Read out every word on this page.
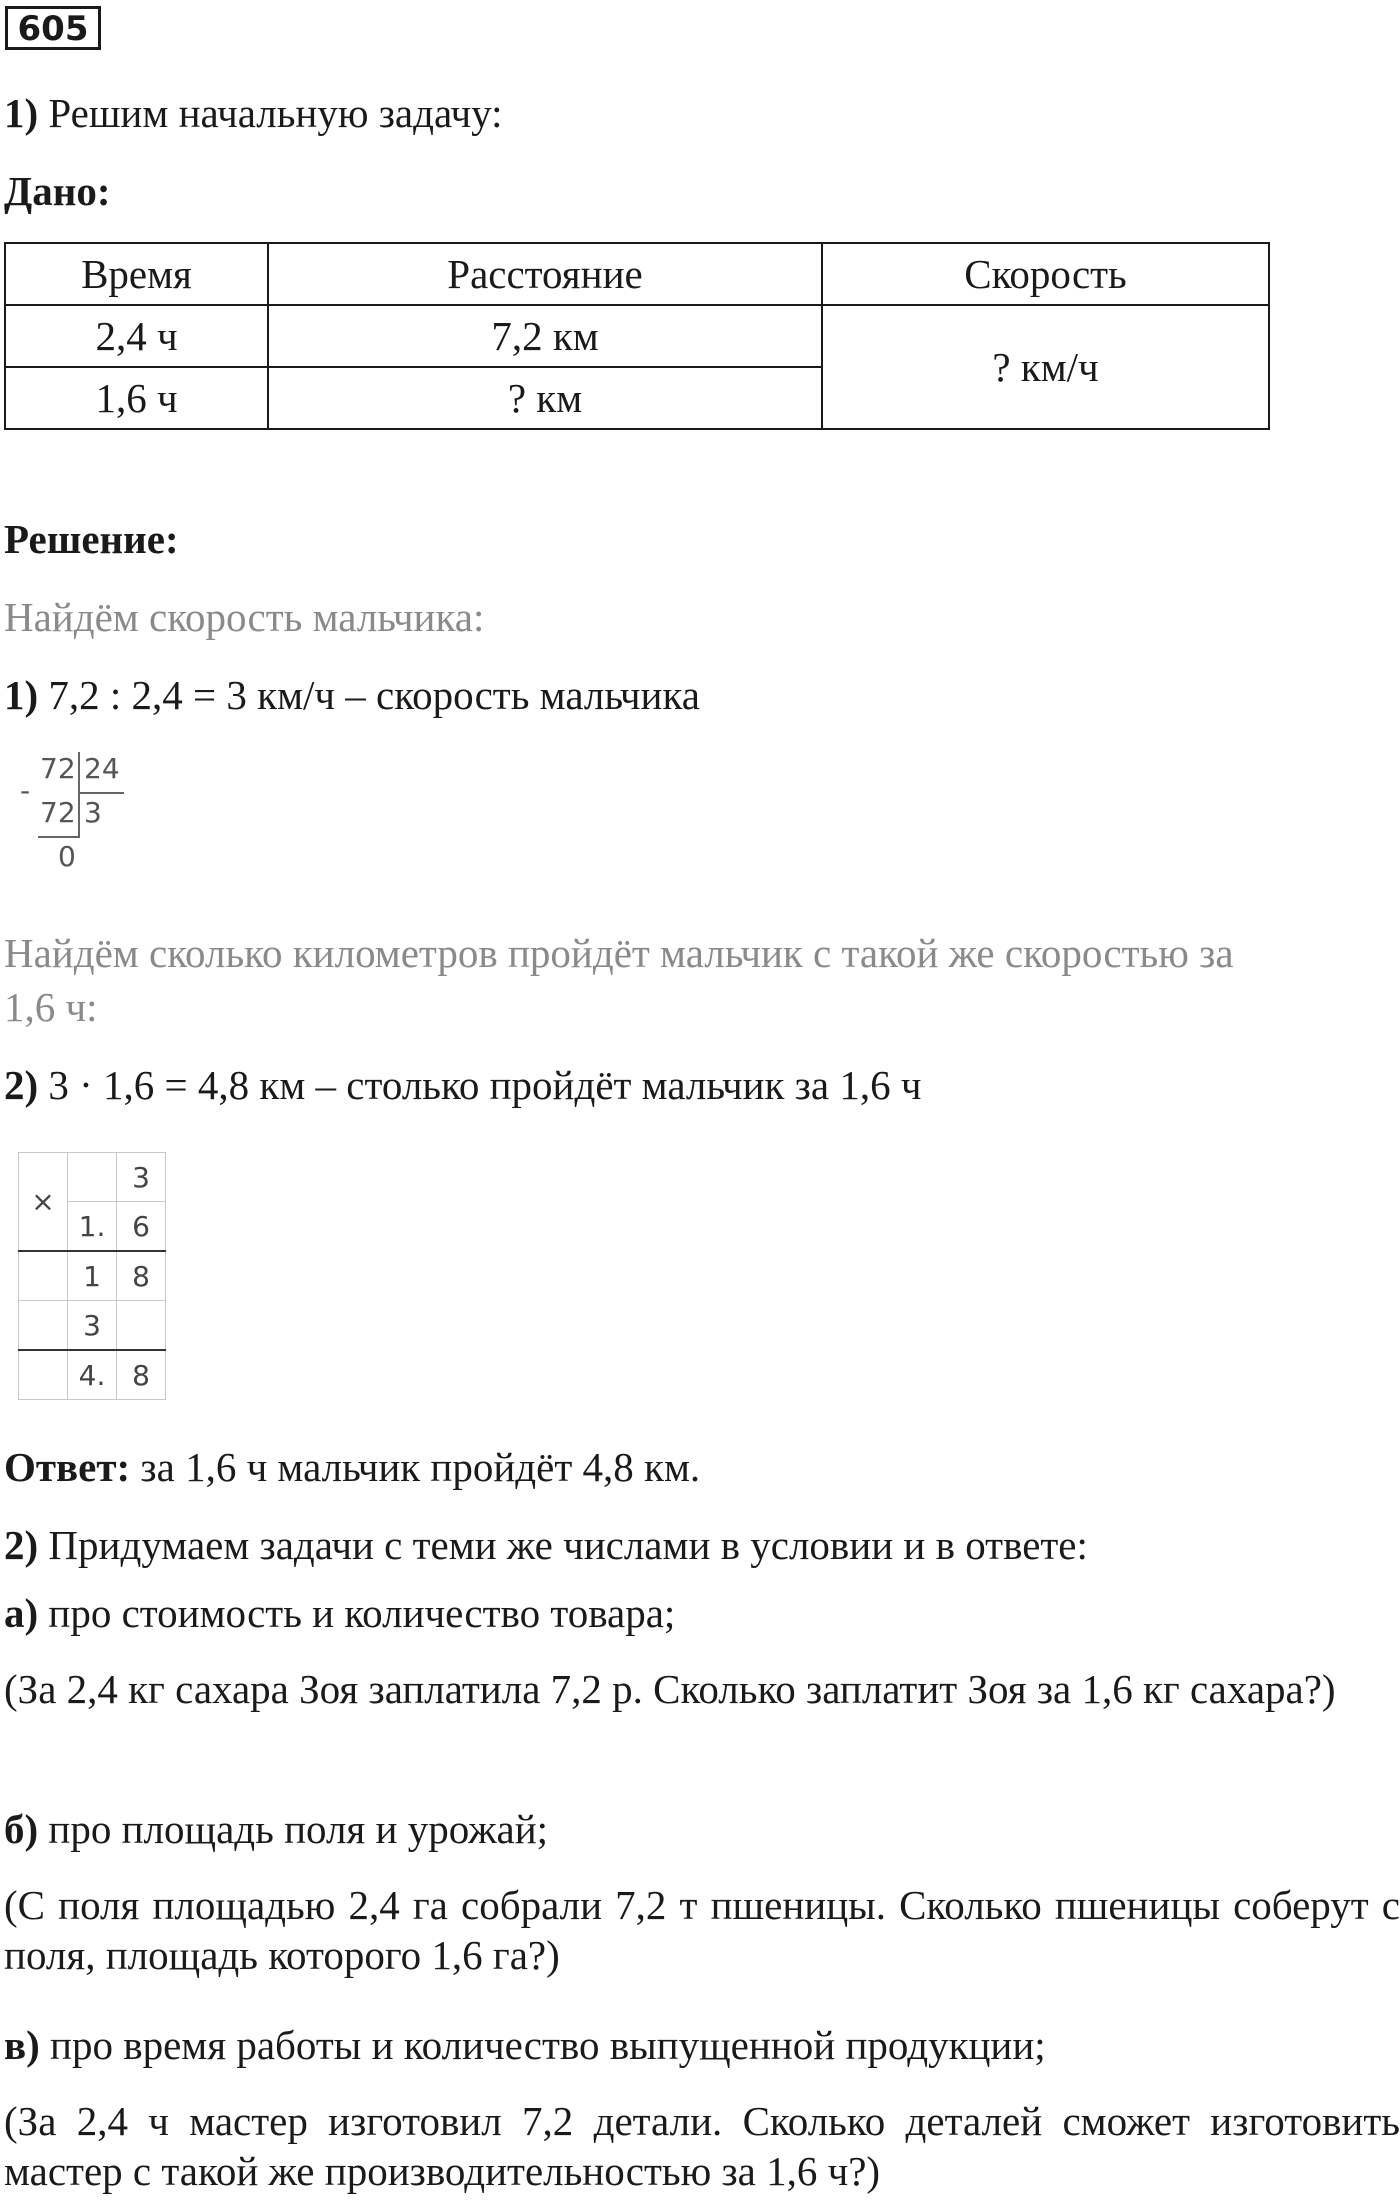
605
1) Решим начальную задачу:
Дано:
Время	Расстояние	Скорость
2,4 ч	7,2 км	? км/ч
1,6 ч	? км	
Решение:
Найдём скорость мальчика:
1) 7,2 : 2,4 = 3 км/ч – скорость мальчика
72 24
-
72 3
0
Найдём сколько километров пройдёт мальчик с такой же скоростью за
1,6 ч:
2) 3 · 1,6 = 4,8 км – столько пройдёт мальчик за 1,6 ч
×		3
	1.	6
	1	8
	3	
	4.	8
Ответ: за 1,6 ч мальчик пройдёт 4,8 км.
2) Придумаем задачи с теми же числами в условии и в ответе:
а) про стоимость и количество товара;
(За 2,4 кг сахара Зоя заплатила 7,2 р. Сколько заплатит Зоя за 1,6 кг сахара?)
б) про площадь поля и урожай;
(С поля площадью 2,4 га собрали 7,2 т пшеницы. Сколько пшеницы соберут с поля, площадь которого 1,6 га?)
в) про время работы и количество выпущенной продукции;
(За 2,4 ч мастер изготовил 7,2 детали. Сколько деталей сможет изготовить мастер с такой же производительностью за 1,6 ч?)
